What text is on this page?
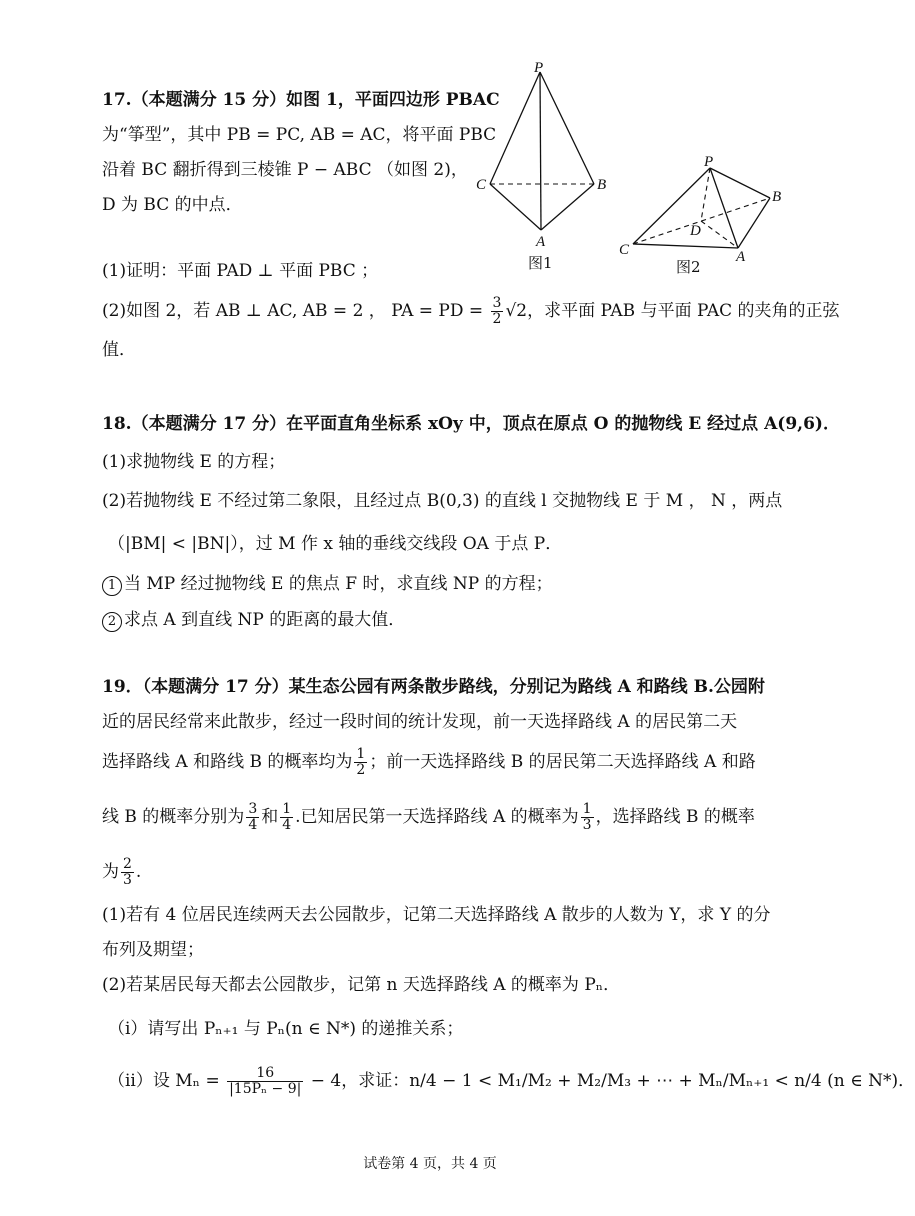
17.（本题满分 15 分）如图 1，平面四边形 PBAC
为“筝型”，其中 PB = PC, AB = AC，将平面 PBC
沿着 BC 翻折得到三棱锥 P − ABC （如图 2)，
D 为 BC 的中点．
P
C	B
A
P
C
B
A
D
图1	图2
(1)证明：平面 PAD ⊥ 平面 PBC ；
(2)如图 2，若 AB ⊥ AC, AB = 2 ， PA = PD = $\frac{3}{2} √2$，求平面 PAB 与平面 PAC 的夹角的正弦
值．
18.（本题满分 17 分）在平面直角坐标系 xOy 中，顶点在原点 O 的抛物线 E 经过点 A(9,6)．
(1)求抛物线 E 的方程；
(2)若抛物线 E 不经过第二象限，且经过点 B(0,3) 的直线 l 交抛物线 E 于 M ， N ，两点
（|BM| < |BN|），过 M 作 x 轴的垂线交线段 OA 于点 P．
1 当 MP 经过抛物线 E 的焦点 F 时，求直线 NP 的方程；
2 求点 A 到直线 NP 的距离的最大值．
19．（本题满分 17 分）某生态公园有两条散步路线，分别记为路线 A 和路线 B.公园附
近的居民经常来此散步，经过一段时间的统计发现，前一天选择路线 A 的居民第二天
选择路线 A 和路线 B 的概率均为 $\frac{1}{2}$ ；前一天选择路线 B 的居民第二天选择路线 A 和路
线 B 的概率分别为 $\frac{3}{4}$ 和 $\frac{1}{4}$ .已知居民第一天选择路线 A 的概率为 $\frac{1}{3}$ ，选择路线 B 的概率
为 $\frac{2}{3}$ .
(1)若有 4 位居民连续两天去公园散步，记第二天选择路线 A 散步的人数为 Y，求 Y 的分
布列及期望；
(2)若某居民每天都去公园散步，记第 n 天选择路线 A 的概率为 Pₙ．
（i）请写出 Pₙ₊₁ 与 Pₙ(n ∈ N*) 的递推关系；
（ii）设 $M_n = \frac{16}{\text{|15Pₙ − 9|}} - 4$，求证：n/4 − 1 < M₁/M₂ + M₂/M₃ + ⋯ + Mₙ/Mₙ₊₁ < n/4 (n ∈ N*)．
试卷第 4 页，共 4 页
